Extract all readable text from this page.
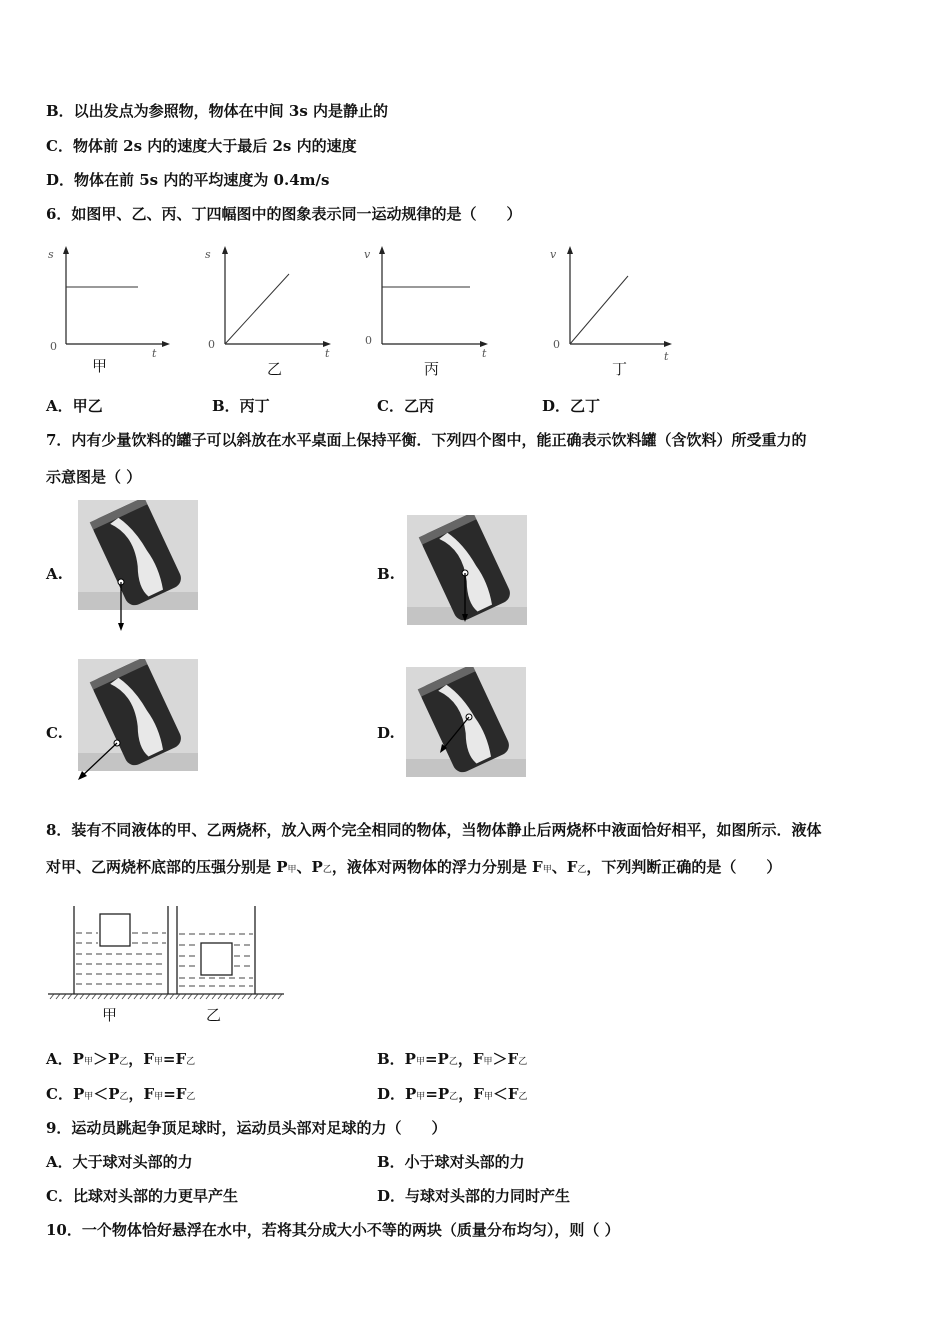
B．以出发点为参照物，物体在中间 3s 内是静止的
C．物体前 2s 内的速度大于最后 2s 内的速度
D．物体在前 5s 内的平均速度为 0.4m/s
6．如图甲、乙、丙、丁四幅图中的图象表示同一运动规律的是（　　）
s
t
0
甲
s
t
0
乙
v
t
0
丙
v
t
0
丁
A．甲乙	B．丙丁	C．乙丙	D．乙丁
7．内有少量饮料的罐子可以斜放在水平桌面上保持平衡．下列四个图中，能正确表示饮料罐（含饮料）所受重力的
示意图是（ ）
A.	B.
C.	D.
8．装有不同液体的甲、乙两烧杯，放入两个完全相同的物体，当物体静止后两烧杯中液面恰好相平，如图所示．液体
对甲、乙两烧杯底部的压强分别是 P甲、P乙，液体对两物体的浮力分别是 F甲、F乙，下列判断正确的是（　　）
甲	乙
A．P甲＞P乙，F甲=F乙	B．P甲=P乙，F甲＞F乙
C．P甲＜P乙，F甲=F乙	D．P甲=P乙，F甲＜F乙
9．运动员跳起争顶足球时，运动员头部对足球的力（　　）
A．大于球对头部的力	B．小于球对头部的力
C．比球对头部的力更早产生	D．与球对头部的力同时产生
10．一个物体恰好悬浮在水中，若将其分成大小不等的两块（质量分布均匀），则（ ）
